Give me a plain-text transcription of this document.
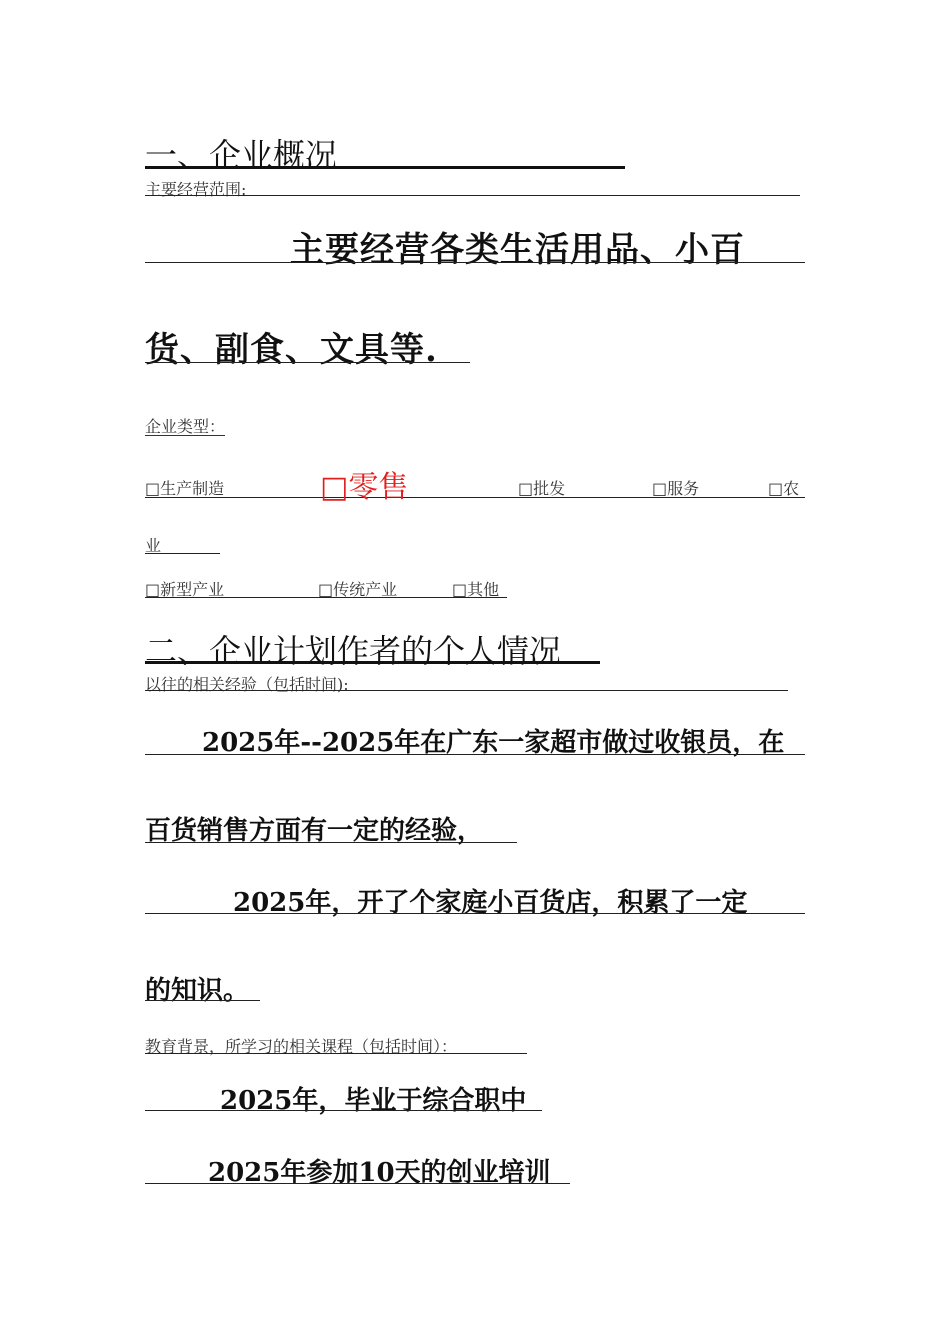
一、企业概况
主要经营范围:
主要经营各类生活用品、小百
货、副食、文具等.
企业类型：
□生产制造	□零售	□批发	□服务	□农
业
□新型产业	□传统产业	□其他
二、企业计划作者的个人情况
以往的相关经验（包括时间):
2025年--2025年在广东一家超市做过收银员，在
百货销售方面有一定的经验，
2025年，开了个家庭小百货店，积累了一定
的知识。
教育背景，所学习的相关课程（包括时间）：
2025年，毕业于综合职中
2025年参加10天的创业培训
